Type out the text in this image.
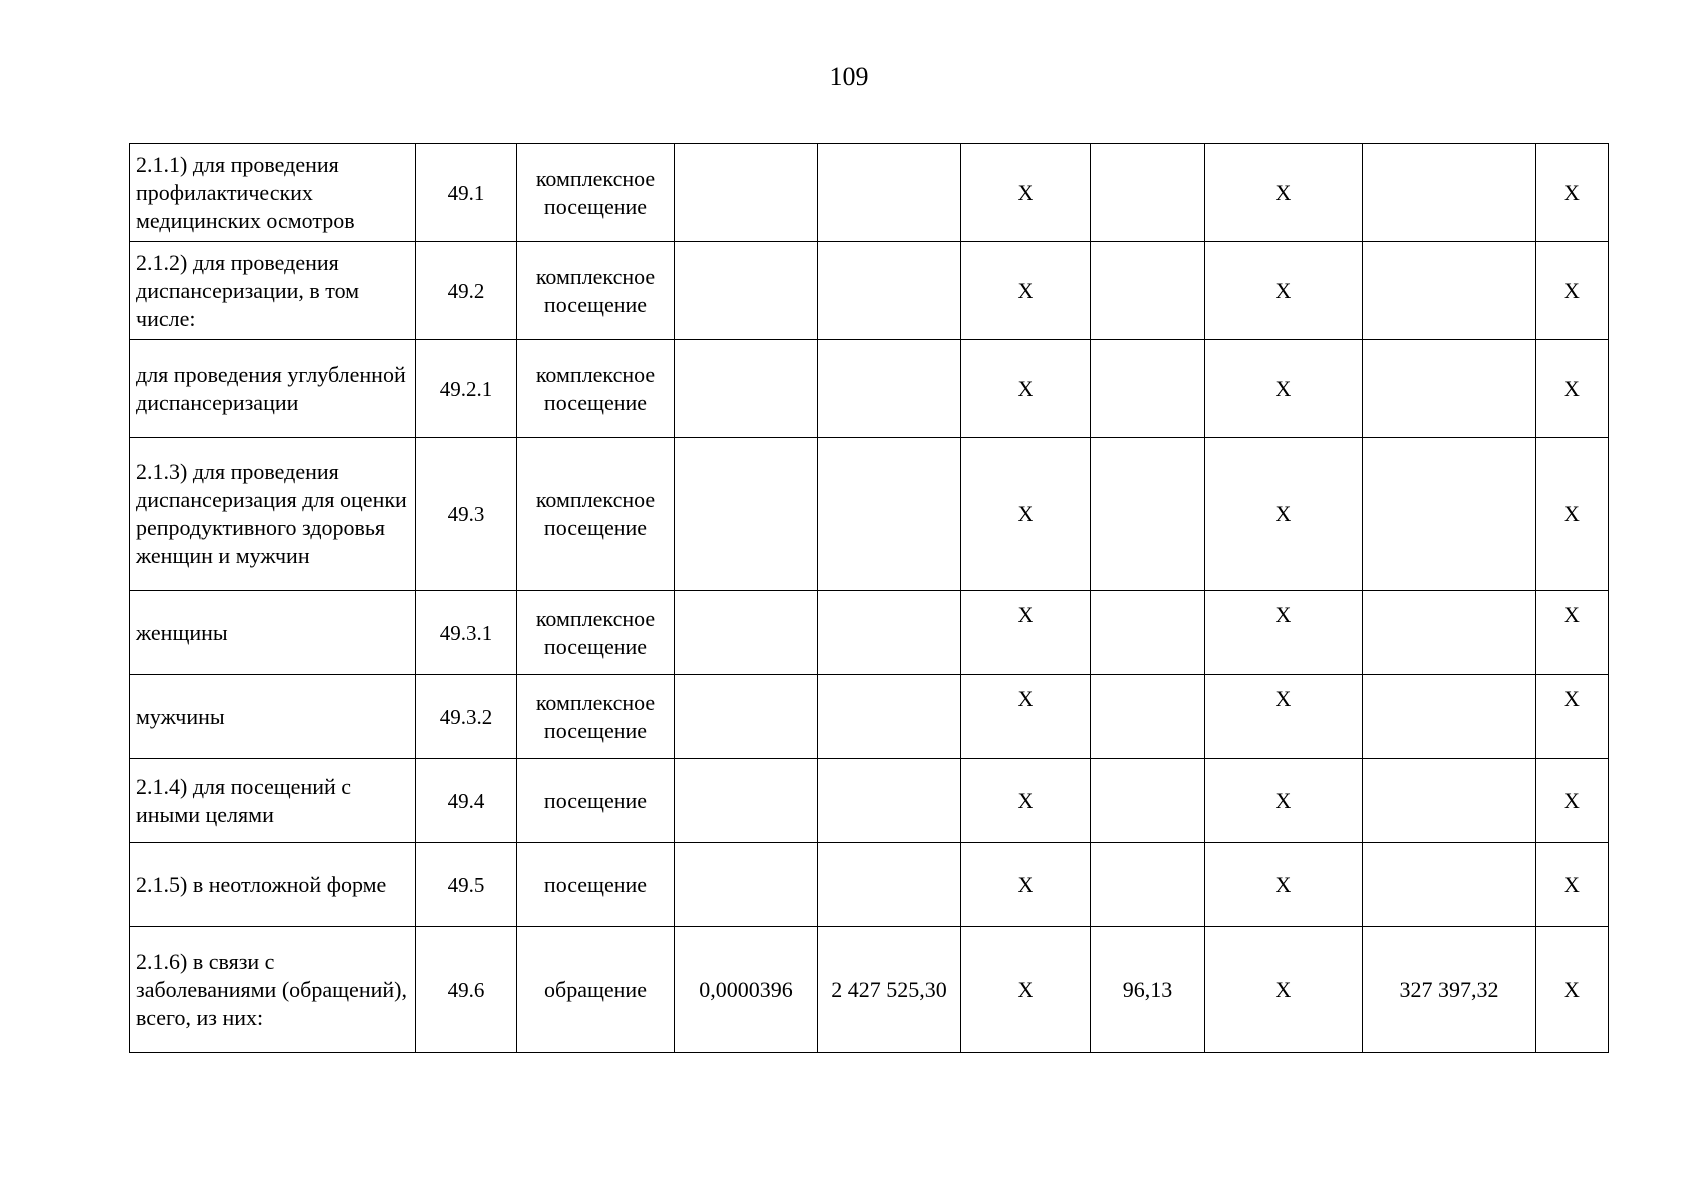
109
2.1.1) для проведения профилактических медицинских осмотров	49.1	комплексное посещение			X		X		X
2.1.2) для проведения диспансеризации, в том числе:	49.2	комплексное посещение			X		X		X
для проведения углубленной диспансеризации	49.2.1	комплексное посещение			X		X		X
2.1.3) для проведения диспансеризация для оценки репродуктивного здоровья женщин и мужчин	49.3	комплексное посещение			X		X		X
женщины	49.3.1	комплексное посещение			X		X		X
мужчины	49.3.2	комплексное посещение			X		X		X
2.1.4) для посещений с иными целями	49.4	посещение			X		X		X
2.1.5) в неотложной форме	49.5	посещение			X		X		X
2.1.6) в связи с заболеваниями (обращений), всего, из них:	49.6	обращение	0,0000396	2 427 525,30	X	96,13	X	327 397,32	X
